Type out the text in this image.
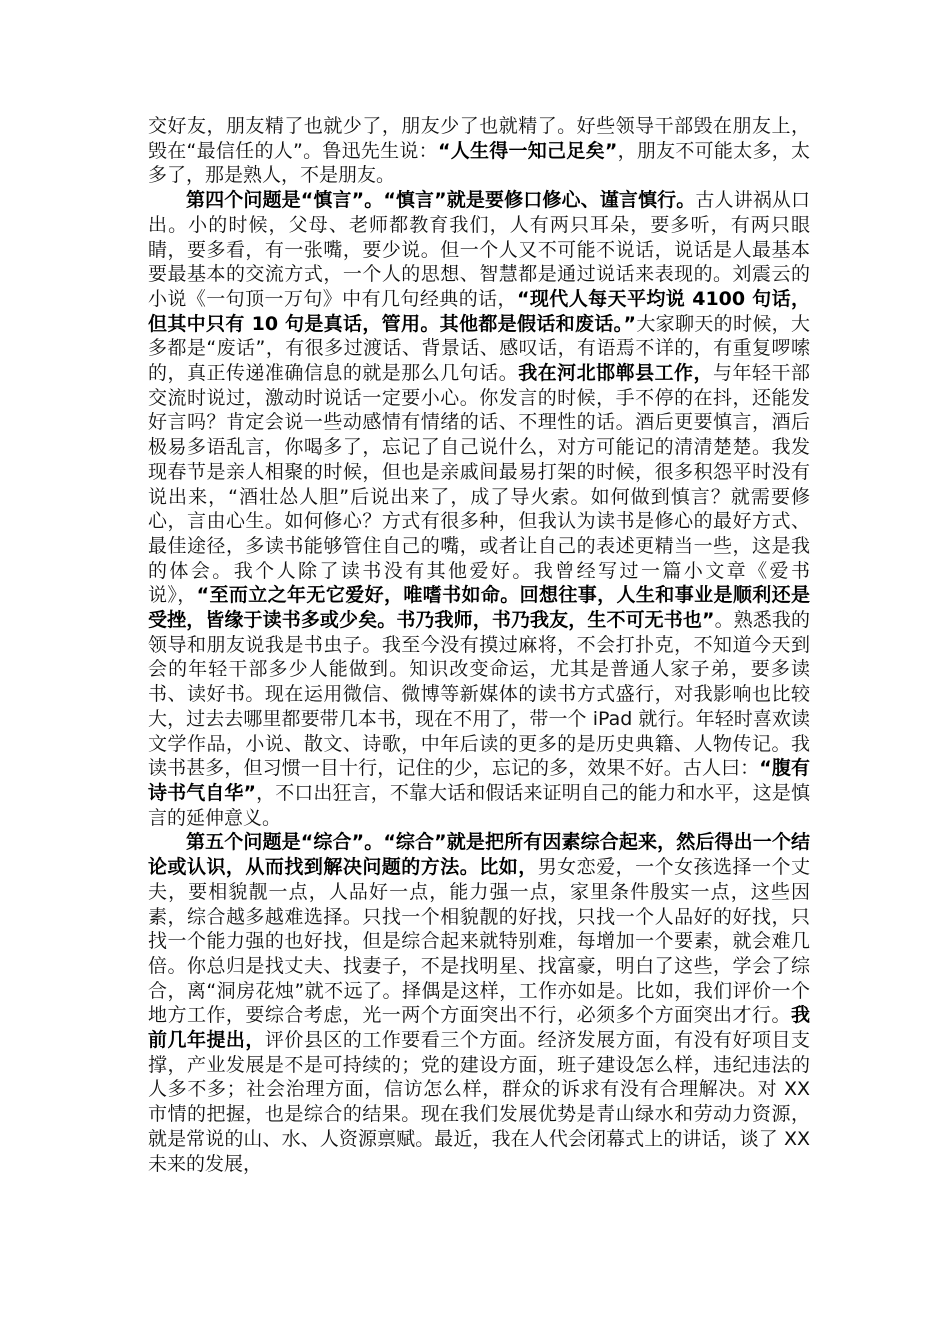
交好友，朋友精了也就少了，朋友少了也就精了。好些领导干部毁在朋友上，毁在“最信任的人”。鲁迅先生说：“人生得一知己足矣”，朋友不可能太多，太多了，那是熟人，不是朋友。

第四个问题是“慎言”。“慎言”就是要修口修心、谨言慎行。古人讲祸从口出。小的时候，父母、老师都教育我们，人有两只耳朵，要多听，有两只眼睛，要多看，有一张嘴，要少说。但一个人又不可能不说话，说话是人最基本要最基本的交流方式，一个人的思想、智慧都是通过说话来表现的。刘震云的小说《一句顶一万句》中有几句经典的话，“现代人每天平均说 4100 句话，但其中只有 10 句是真话，管用。其他都是假话和废话。”大家聊天的时候，大多都是“废话”，有很多过渡话、背景话、感叹话，有语焉不详的，有重复啰嗦的，真正传递准确信息的就是那么几句话。我在河北邯郸县工作，与年轻干部交流时说过，激动时说话一定要小心。你发言的时候，手不停的在抖，还能发好言吗？肯定会说一些动感情有情绪的话、不理性的话。酒后更要慎言，酒后极易多语乱言，你喝多了，忘记了自己说什么，对方可能记的清清楚楚。我发现春节是亲人相聚的时候，但也是亲戚间最易打架的时候，很多积怨平时没有说出来，“酒壮怂人胆”后说出来了，成了导火索。如何做到慎言？就需要修心，言由心生。如何修心？方式有很多种，但我认为读书是修心的最好方式、最佳途径，多读书能够管住自己的嘴，或者让自己的表述更精当一些，这是我的体会。我个人除了读书没有其他爱好。我曾经写过一篇小文章《爱书说》，“至而立之年无它爱好，唯嗜书如命。回想往事，人生和事业是顺利还是受挫，皆缘于读书多或少矣。书乃我师，书乃我友，生不可无书也”。熟悉我的领导和朋友说我是书虫子。我至今没有摸过麻将，不会打扑克，不知道今天到会的年轻干部多少人能做到。知识改变命运，尤其是普通人家子弟，要多读书、读好书。现在运用微信、微博等新媒体的读书方式盛行，对我影响也比较大，过去去哪里都要带几本书，现在不用了，带一个 iPad 就行。年轻时喜欢读文学作品，小说、散文、诗歌，中年后读的更多的是历史典籍、人物传记。我读书甚多，但习惯一目十行，记住的少，忘记的多，效果不好。古人曰：“腹有诗书气自华”，不口出狂言，不靠大话和假话来证明自己的能力和水平，这是慎言的延伸意义。

第五个问题是“综合”。“综合”就是把所有因素综合起来，然后得出一个结论或认识，从而找到解决问题的方法。比如，男女恋爱，一个女孩选择一个丈夫，要相貌靓一点，人品好一点，能力强一点，家里条件殷实一点，这些因素，综合越多越难选择。只找一个相貌靓的好找，只找一个人品好的好找，只找一个能力强的也好找，但是综合起来就特别难，每增加一个要素，就会难几倍。你总归是找丈夫、找妻子，不是找明星、找富豪，明白了这些，学会了综合，离“洞房花烛”就不远了。择偶是这样，工作亦如是。比如，我们评价一个地方工作，要综合考虑，光一两个方面突出不行，必须多个方面突出才行。我前几年提出，评价县区的工作要看三个方面。经济发展方面，有没有好项目支撑，产业发展是不是可持续的；党的建设方面，班子建设怎么样，违纪违法的人多不多；社会治理方面，信访怎么样，群众的诉求有没有合理解决。对 XX 市情的把握，也是综合的结果。现在我们发展优势是青山绿水和劳动力资源，就是常说的山、水、人资源禀赋。最近，我在人代会闭幕式上的讲话，谈了 XX 未来的发展，
